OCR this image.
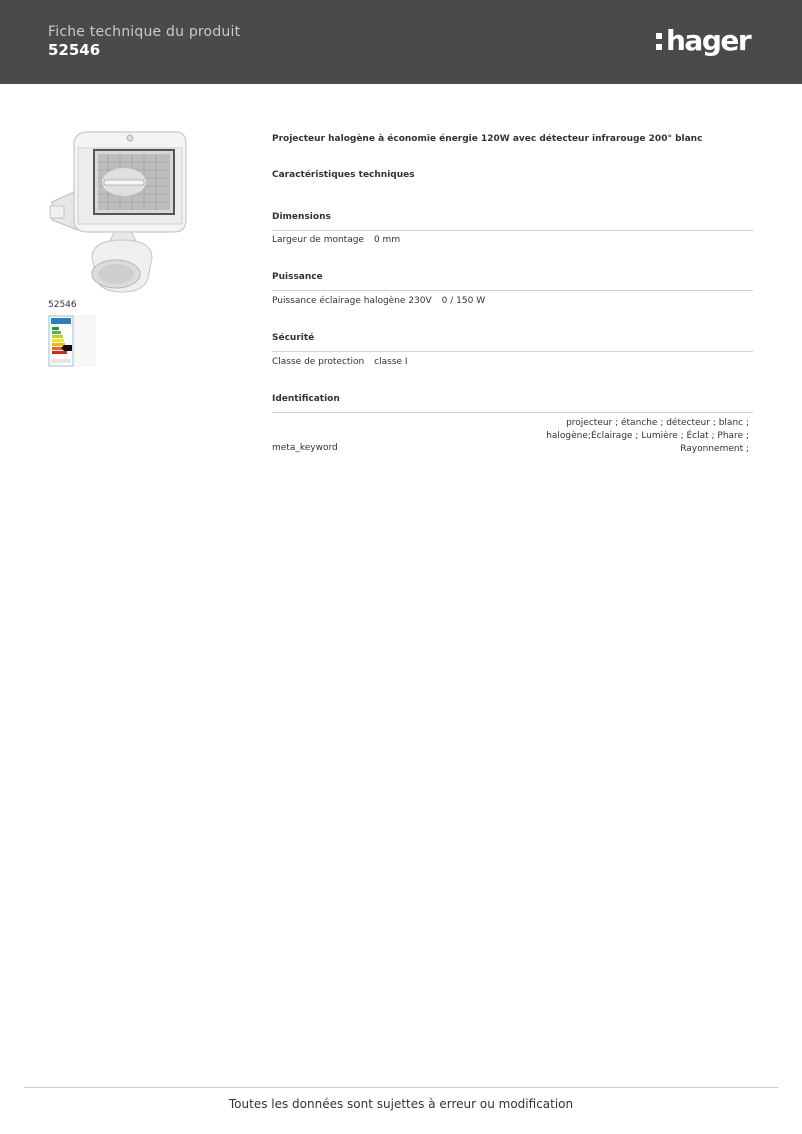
Fiche technique du produit
52546	hager
52546
Projecteur halogène à économie énergie 120W avec détecteur infrarouge 200° blanc
Caractéristiques techniques
Dimensions
Largeur de montage 0 mm
Puissance
Puissance éclairage halogène 230V 0 / 150 W
Sécurité
Classe de protection classe I
Identification
meta_keyword
projecteur ; étanche ; détecteur ; blanc ; halogène;Éclairage ; Lumière ; Éclat ; Phare ; Rayonnement ;
Toutes les données sont sujettes à erreur ou modification
